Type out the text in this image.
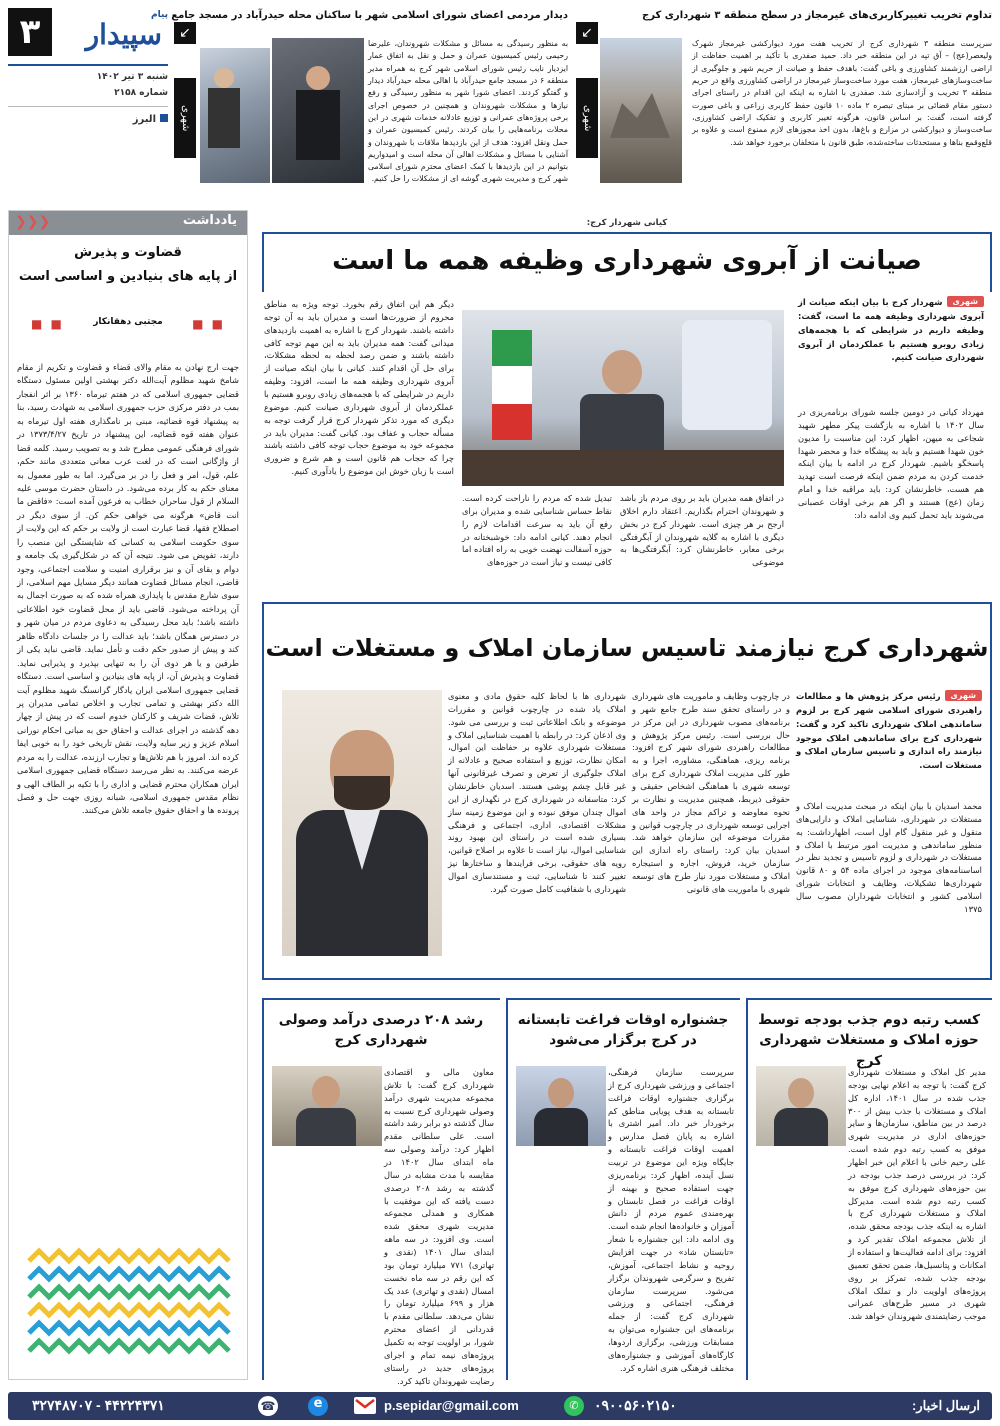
۳	پیام
سپیدار
شنبه ۳ تیر ۱۴۰۲
شماره ۲۱۵۸
البرز
دیدار مردمی اعضای شورای اسلامی شهر با ساکنان محله حیدرآباد در مسجد جامع
↙
شهری
به منظور رسیدگی به مسائل و مشکلات شهروندان، علیرضا رحیمی رئیس کمیسیون عمران و حمل و نقل به اتفاق عمار ایزدیار نایب رئیس شورای اسلامی شهر کرج به همراه مدیر منطقه ۶ در مسجد جامع حیدرآباد با اهالی محله حیدرآباد دیدار و گفتگو کردند. اعضای شورا شهر به منظور رسیدگی و رفع نیازها و مشکلات شهروندان و همچنین در خصوص اجرای برخی پروژه‌های عمرانی و توزیع عادلانه خدمات شهری در این محلات برنامه‌هایی را بیان کردند. رئیس کمیسیون عمران و حمل ونقل افزود: هدف از این بازدیدها ملاقات با شهروندان و آشنایی با مسائل و مشکلات اهالی آن محله است و امیدواریم بتوانیم در این بازدیدها با کمک اعضای محترم شورای اسلامی شهر کرج و مدیریت شهری گوشه ای از مشکلات را حل کنیم.
تداوم تخریب تغییرکاربری‌های غیرمجاز در سطح منطقه ۳ شهرداری کرج
↙
شهری
سرپرست منطقه ۳ شهرداری کرج از تخریب هفت مورد دیوارکشی غیرمجاز شهرک ولیعصر(عج) – آق تپه در این منطقه خبر داد. حمید صفدری با تأکید بر اهمیت حفاظت از اراضی ارزشمند کشاورزی و باغی گفت: باهدف حفظ و صیانت از حریم شهر و جلوگیری از ساخت‌وسازهای غیرمجاز، هفت مورد ساخت‌وساز غیرمجاز در اراضی کشاورزی واقع در حریم منطقه ۳ تخریب و آزادسازی شد. صفدری با اشاره به اینکه این اقدام در راستای اجرای دستور مقام قضائی بر مبنای تبصره ۲ ماده ۱۰ قانون حفظ کاربری زراعی و باغی صورت گرفته است، گفت: بر اساس قانون، هرگونه تغییر کاربری و تفکیک اراضی کشاورزی، ساخت‌وساز و دیوارکشی در مزارع و باغ‌ها، بدون اخذ مجوزهای لازم ممنوع است و علاوه بر قلع‌وقمع بناها و مستحدثات ساخته‌شده، طبق قانون با متخلفان برخورد خواهد شد.
یادداشت
❮❮❮
قضاوت و پذیرش
از پایه های بنیادین و اساسی است
■ ■	مجتبی دهقانکار	■ ■
جهت ارج نهادن به مقام والای قضاء و قضاوت و تکریم از مقام شامخ شهید مظلوم آیت‌الله دکتر بهشتی اولین مسئول دستگاه قضایی جمهوری اسلامی که در هفتم تیرماه ۱۳۶۰ بر اثر انفجار بمب در دفتر مرکزی حزب جمهوری اسلامی به شهادت رسید، بنا به پیشنهاد قوه قضائیه، مبنی بر نامگذاری هفته اول تیرماه به عنوان هفته قوه قضائیه، این پیشنهاد در تاریخ ۱۳۷۳/۴/۲۷ در شورای فرهنگی عمومی مطرح شد و به تصویب رسید. کلمه قضا از واژگانی است که در لغت عرب معانی متعددی مانند حکم، علم، قول، امر و فعل را در بر می‌گیرد. اما به طور معمول به معنای حکم به کار برده می‌شود. در داستان حضرت موسی علیه السلام از قول ساحران خطاب به فرعون آمده است: «فاقض ما انت قاض» هرگونه می خواهی حکم کن. از سوی دیگر در اصطلاح فقها، قضا عبارت است از ولایت بر حکم که این ولایت از سوی حکومت اسلامی به کسانی که شایستگی این منصب را دارند، تفویض می شود. نتیجه آن که در شکل‌گیری یک جامعه و دوام و بقای آن و نیز برقراری امنیت و سلامت اجتماعی، وجود قاضی، انجام مسائل قضاوت همانند دیگر مسایل مهم اسلامی، از سوی شارع مقدس با پایداری همراه شده که به صورت اجمال به آن پرداخته می‌شود. قاضی باید از محل قضاوت خود اطلاعاتی داشته باشد؛ باید محل رسیدگی به دعاوی مردم در میان شهر و در دسترس همگان باشد؛ باید عدالت را در جلسات دادگاه ظاهر کند و پیش از صدور حکم دقت و تأمل نماید. قاضی نباید یکی از طرفین و یا هر دوی آن را به تنهایی بپذیرد و پذیرایی نماید. قضاوت و پذیرش آن، از پایه های بنیادین و اساسی است. دستگاه قضایی جمهوری اسلامی ایران یادگار گرانسنگ شهید مظلوم آیت الله دکتر بهشتی و تمامی تجارب و اخلاص تمامی مدیران پر تلاش، قضات شریف و کارکنان خدوم است که در پیش از چهار دهه گذشته در اجرای عدالت و احقاق حق به مبانی احکام نورانی اسلام عزیز و زیر سایه ولایت، نقش تاریخی خود را به خوبی ایفا کرده اند. امروز با هم تلاش‌ها و تجارب ارزنده، عدالت را به مردم عرضه می‌کنند. به نظر می‌رسد دستگاه قضایی جمهوری اسلامی ایران همکاران محترم قضایی و اداری را با تکیه بر الطاف الهی و نظام مقدس جمهوری اسلامی، شبانه روزی جهت حل و فصل پرونده ها و احقاق حقوق جامعه تلاش می‌کنند.
کیانی شهردار کرج:
صیانت از آبروی شهرداری وظیفه همه ما است
شهری
شهردار کرج با بیان اینکه صیانت از آبروی شهرداری وظیفه همه ما است، گفت: وظیفه داریم در شرایطی که با هجمه‌های زیادی روبرو هستیم با عملکردمان از آبروی شهرداری صیانت کنیم.
مهرداد کیانی در دومین جلسه شورای برنامه‌ریزی در سال ۱۴۰۲ با اشاره به بازگشت پیکر مطهر شهید شجاعی به میهن، اظهار کرد: این مناسبت را مدیون خون شهدا هستیم و باید به پیشگاه خدا و محضر شهدا پاسخگو باشیم. شهردار کرج در ادامه با بیان اینکه خدمت کردن به مردم ضمن اینکه فرصت است تهدید هم هست، خاطرنشان کرد: باید مراقبه خدا و امام زمان (عج) هستند و اگر هم برخی اوقات عصبانی می‌شوند باید تحمل کنیم وی ادامه داد:
در اتفاق همه مدیران باید بر روی مردم باز باشد و شهروندان احترام بگذاریم. اعتقاد دارم اخلاق ارجح بر هر چیزی است. شهردار کرج در بخش دیگری با اشاره به گلایه شهروندان از آبگرفتگی برخی معابر، خاطرنشان کرد: آبگرفتگی‌ها به موضوعی
تبدیل شده که مردم را ناراحت کرده است. نقاط حساس شناسایی شده و مدیران برای رفع آن باید به سرعت اقدامات لازم را انجام دهند. کیانی ادامه داد: خوشبختانه در حوزه آسفالت نهضت خوبی به راه افتاده اما کافی نیست و نیاز است در حوزه‌های
دیگر هم این اتفاق رقم بخورد. توجه ویژه به مناطق محروم از ضرورت‌ها است و مدیران باید به آن توجه داشته باشند. شهردار کرج با اشاره به اهمیت بازدیدهای میدانی گفت: همه مدیران باید به این مهم توجه کافی داشته باشند و ضمن رصد لحظه به لحظه مشکلات، برای حل آن اقدام کنند. کیانی با بیان اینکه صیانت از آبروی شهرداری وظیفه همه ما است، افزود: وظیفه داریم در شرایطی که با هجمه‌های زیادی روبرو هستیم با عملکردمان از آبروی شهرداری صیانت کنیم. موضوع دیگری که مورد تذکر شهردار کرج قرار گرفت توجه به مسأله حجاب و عفاف بود. کیانی گفت: مدیران باید در مجموعه خود به موضوع حجاب توجه کافی داشته باشند چرا که حجاب هم قانون است و هم شرع و ضروری است با زبان خوش این موضوع را یادآوری کنیم.
شهرداری کرج نیازمند تاسیس سازمان املاک و مستغلات است
شهری
رئیس مرکز پژوهش ها و مطالعات راهبردی شورای اسلامی شهر کرج بر لزوم ساماندهی املاک شهرداری تاکید کرد و گفت: شهرداری کرج برای ساماندهی املاک موجود نیازمند راه اندازی و تاسیس سازمان املاک و مستغلات است.
محمد اسدیان با بیان اینکه در مبحث مدیریت املاک و مستغلات در شهرداری، شناسایی املاک و دارایی‌های منقول و غیر منقول گام اول است، اظهارداشت: به منظور ساماندهی و مدیریت امور مرتبط با املاک و مستغلات در شهرداری و لزوم تاسیس و تجدید نظر در اساسنامه‌های موجود در اجرای ماده ۵۴ و ۸۰ قانون شهرداری‌ها تشکیلات، وظایف و انتخابات شورای اسلامی کشور و انتخابات شهرداران مصوب سال ۱۳۷۵
در چارچوب وظایف و ماموریت های شهرداری و در راستای تحقق سند طرح جامع شهر و برنامه‌های مصوب شهرداری در این مرکز در حال بررسی است. رئیس مرکز پژوهش و مطالعات راهبردی شورای شهر کرج افزود: برنامه ریزی، هماهنگی، مشاوره، اجرا و به طور کلی مدیریت املاک شهرداری کرج برای توسعه شهری با هماهنگی اشخاص حقیقی و حقوقی ذیربط، همچنین مدیریت و نظارت بر نحوه معاوضه و تراکم مجاز در واحد های اجرایی توسعه شهرداری در چارچوب قوانین و مقررات موضوعه این سازمان خواهد شد. اسدیان بیان کرد: راستای راه اندازی این سازمان خرید، فروش، اجاره و استیجاره املاک و مستغلات مورد نیاز طرح های توسعه شهری با ماموریت های قانونی
شهرداری ها با لحاظ کلیه حقوق مادی و معنوی املاک یاد شده در چارچوب قوانین و مقررات موضوعه و بانک اطلاعاتی ثبت و بررسی می شود. وی اذعان کرد: در رابطه با اهمیت شناسایی املاک و مستغلات شهرداری علاوه بر حفاظت این اموال، امکان نظارت، توزیع و استفاده صحیح و عادلانه از املاک جلوگیری از تعرض و تصرف غیرقانونی آنها غیر قابل چشم پوشی هستند. اسدیان خاطرنشان کرد: متاسفانه در شهرداری کرج در نگهداری از این اموال چندان موفق نبوده و این موضوع زمینه ساز مشکلات اقتصادی، اداری، اجتماعی و فرهنگی بسیاری شده است در راستای این بهبود روند شناسایی اموال، نیاز است تا علاوه بر اصلاح قوانین، رویه های حقوقی، برخی فرایندها و ساختارها نیز تغییر کنند تا شناسایی، ثبت و مستندسازی اموال شهرداری با شفافیت کامل صورت گیرد.
کسب رتبه دوم جذب بودجه توسط حوزه املاک و مستغلات شهرداری کرج
مدیر کل املاک و مستغلات شهرداری کرج گفت: با توجه به اعلام نهایی بودجه جذب شده در سال ۱۴۰۱، اداره کل املاک و مستغلات با جذب بیش از ۳۰۰ درصد در بین مناطق، سازمان‌ها و سایر حوزه‌های اداری در مدیریت شهری موفق به کسب رتبه دوم شده است. علی رحیم خانی با اعلام این خبر اظهار کرد: در بررسی درصد جذب بودجه در بین حوزه‌های شهرداری کرج موفق به کسب رتبه دوم شده است. مدیرکل املاک و مستغلات شهرداری کرج با اشاره به اینکه جذب بودجه محقق شده، از تلاش مجموعه املاک تقدیر کرد و افزود: برای ادامه فعالیت‌ها و استفاده از امکانات و پتانسیل‌ها، ضمن تحقق تعمیق بودجه جذب شده، تمرکز بر روی پروژه‌های اولویت دار و تملک املاک شهری در مسیر طرح‌های عمرانی موجب رضایتمندی شهروندان خواهد شد.
جشنواره اوقات فراغت تابستانه در کرج برگزار می‌شود
سرپرست سازمان فرهنگی، اجتماعی و ورزشی شهرداری کرج از برگزاری جشنواره اوقات فراغت تابستانه به هدف پویایی مناطق کم برخوردار خبر داد. امیر اشتری با اشاره به پایان فصل مدارس و اهمیت اوقات فراغت تابستانه و جایگاه ویژه این موضوع در تربیت نسل آینده، اظهار کرد: برنامه‌ریزی جهت استفاده صحیح و بهینه از اوقات فراغت در فصل تابستان و بهره‌مندی عموم مردم از دانش آموزان و خانواده‌ها انجام شده است. وی ادامه داد: این جشنواره با شعار «تابستان شاد» در جهت افزایش روحیه و نشاط اجتماعی، آموزش، تفریح و سرگرمی شهروندان برگزار می‌شود. سرپرست سازمان فرهنگی، اجتماعی و ورزشی شهرداری کرج گفت: از جمله برنامه‌های این جشنواره می‌توان به مسابقات ورزشی، برگزاری اردوها، کارگاه‌های آموزشی و جشنواره‌های مختلف فرهنگی هنری اشاره کرد.
رشد ۲۰۸ درصدی درآمد وصولی شهرداری کرج
معاون مالی و اقتصادی شهرداری کرج گفت: با تلاش مجموعه مدیریت شهری درآمد وصولی شهرداری کرج نسبت به سال گذشته دو برابر رشد داشته است. علی سلطانی مقدم اظهار کرد: درآمد وصولی سه ماه ابتدای سال ۱۴۰۲ در مقایسه با مدت مشابه در سال گذشته به رشد ۲۰۸ درصدی دست یافته که این موفقیت با همکاری و همدلی مجموعه مدیریت شهری محقق شده است. وی افزود: در سه ماهه ابتدای سال ۱۴۰۱ (نقدی و تهاتری) ۷۷۱ میلیارد تومان بود که این رقم در سه ماه نخست امسال (نقدی و تهاتری) عدد یک هزار و ۶۹۹ میلیارد تومان را نشان می‌دهد. سلطانی مقدم با قدردانی از اعضای محترم شورا، بر اولویت توجه به تکمیل پروژه‌های نیمه تمام و اجرای پروژه‌های جدید در راستای رضایت شهروندان تاکید کرد.
ارسال اخبار:
✆	۰۹۰۰۵۶۰۲۱۵۰
p.sepidar@gmail.com
e
☎
۳۲۷۴۸۷۰۷ - ۴۴۲۲۴۳۷۱
